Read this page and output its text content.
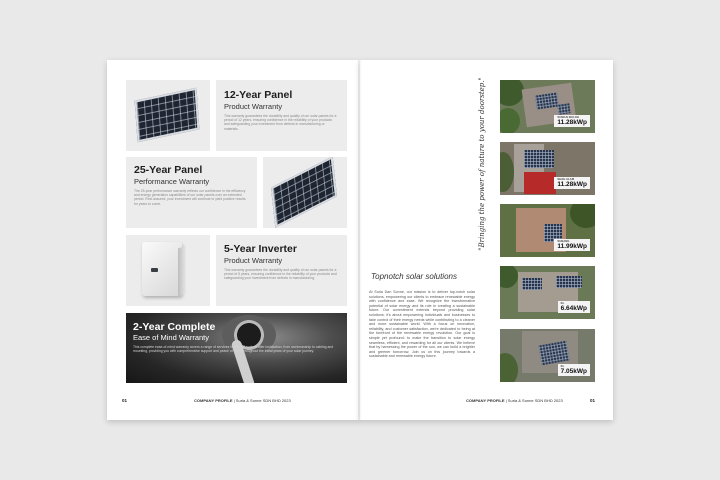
12-Year Panel
Product Warranty
This warranty guarantees the durability and quality of our solar panels for a period of 12 years, ensuring confidence in the reliability of your products and safeguarding your investment from defects in manufacturing or materials.
25-Year Panel
Performance Warranty
The 25-year performance warranty reflects our confidence in the efficiency and energy generation capabilities of our solar panels over an extended period. Rest assured, your investment will continue to yield positive results for years to come.
5-Year Inverter
Product Warranty
This warranty guarantees the durability and quality of our solar panels for a period of 5 years, ensuring confidence in the reliability of your products and safeguarding your investment from defects in manufacturing.
2-Year Complete
Ease of Mind Warranty
This complete ease-of-mind warranty covers a range of services for the full system after installation, from workmanship to cabling and mounting, providing you with comprehensive support and peace of mind throughout the initial years of your solar journey.
01	COMPANY PROFILE | Suria & Sonne SDN BHD 2023
"Bringing the power of nature to your doorstep."
Topnotch solar solutions
At Suria Dan Sonne, our mission is to deliver top-notch solar solutions, empowering our clients to embrace renewable energy with confidence and ease. We recognize the transformative potential of solar energy and its role in creating a sustainable future. Our commitment extends beyond providing solar solutions; it's about empowering individuals and businesses to take control of their energy needs while contributing to a cleaner and more sustainable world. With a focus on innovation, reliability, and customer satisfaction, we're dedicated to being at the forefront of the renewable energy revolution. Our goal is simple yet profound: to make the transition to solar energy seamless, efficient, and rewarding for all our clients. We believe that by harnessing the power of the sun, we can build a brighter and greener tomorrow. Join us on this journey towards a sustainable and renewable energy future.
SUNGAI BULOH
11.28kWp
SHAH ALAM
11.28kWp
SUBANG
11.99kWp
KL
6.64kWp
KL
7.05kWp
COMPANY PROFILE | Suria & Sonne SDN BHD 2023	01
